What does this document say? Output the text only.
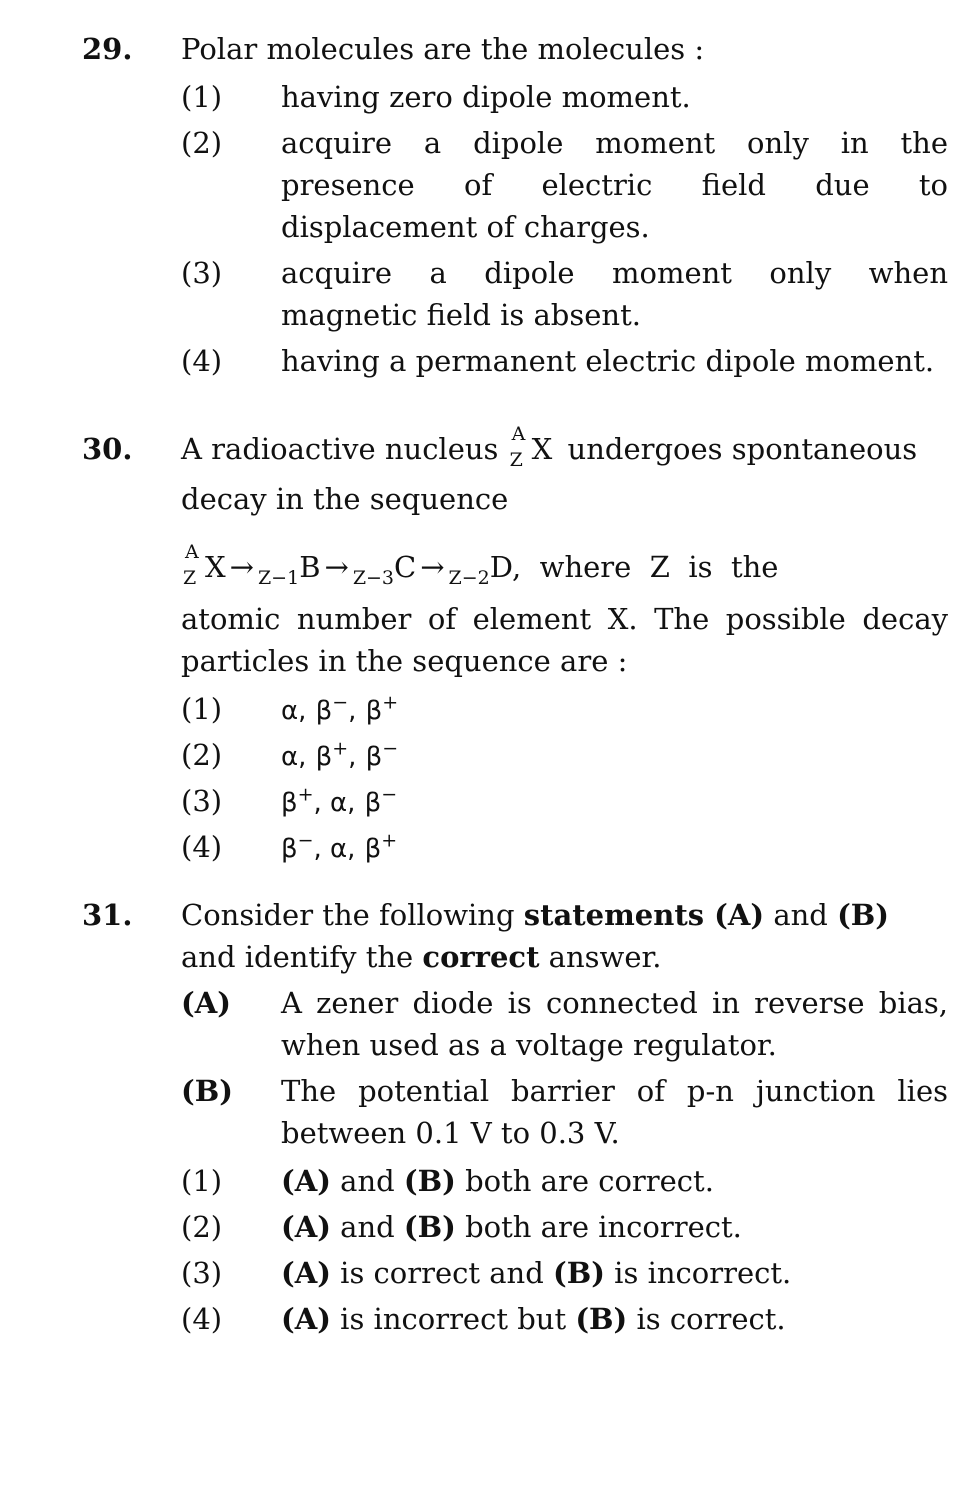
29. Polar molecules are the molecules :
(1) having zero dipole moment.
(2) acquire a dipole moment only in the presence of electric field due to displacement of charges.
(3) acquire a dipole moment only when magnetic field is absent.
(4) having a permanent electric dipole moment.
30. A radioactive nucleus A
Z X undergoes spontaneous
decay in the sequence
A
Z X → $_{Z-1}$B → $_{Z-3}$C → $_{Z-2}$D,  where  Z  is  the
atomic number of element X. The possible decay particles in the sequence are :
(1) α, β−, β+
(2) α, β+, β−
(3) β+, α, β−
(4) β−, α, β+
31. Consider the following statements (A) and (B)
and identify the correct answer.
(A) A zener diode is connected in reverse bias, when used as a voltage regulator.
(B) The potential barrier of p-n junction lies between 0.1 V to 0.3 V.
(1) (A) and (B) both are correct.
(2) (A) and (B) both are incorrect.
(3) (A) is correct and (B) is incorrect.
(4) (A) is incorrect but (B) is correct.
